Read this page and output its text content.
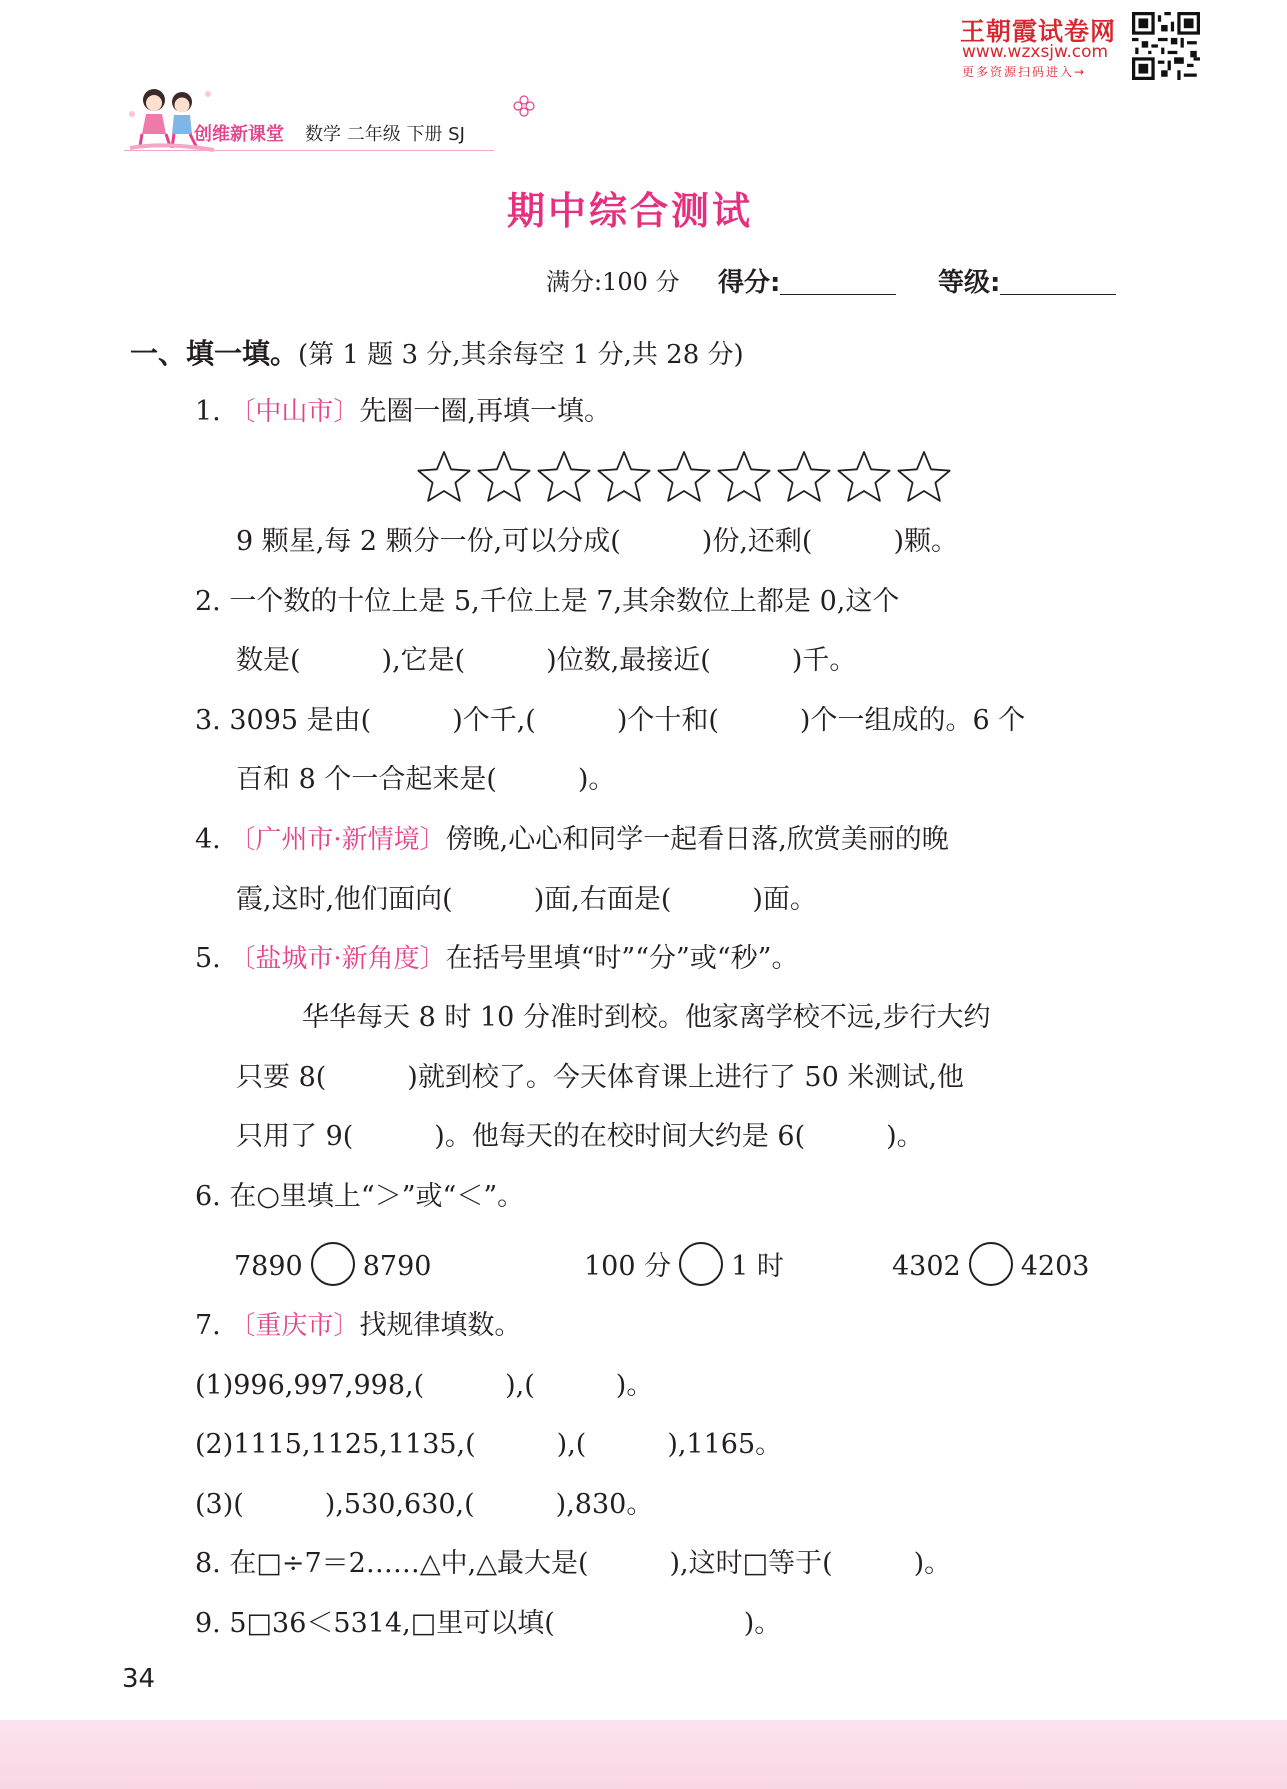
王朝霞试卷网
www.wzxsjw.com
更多资源扫码进入→
创维新课堂 数学 二年级 下册 SJ
期中综合测试
满分:100 分 得分:	等级:
一、填一填。(第 1 题 3 分,其余每空 1 分,共 28 分)
1. 〔中山市〕先圈一圈,再填一填。
9 颗星,每 2 颗分一份,可以分成(　　　)份,还剩(　　　)颗。
2. 一个数的十位上是 5,千位上是 7,其余数位上都是 0,这个
数是(　　　),它是(　　　)位数,最接近(　　　)千。
3. 3095 是由(　　　)个千,(　　　)个十和(　　　)个一组成的。6 个
百和 8 个一合起来是(　　　)。
4. 〔广州市·新情境〕傍晚,心心和同学一起看日落,欣赏美丽的晚
霞,这时,他们面向(　　　)面,右面是(　　　)面。
5. 〔盐城市·新角度〕在括号里填“时”“分”或“秒”。
华华每天 8 时 10 分准时到校。他家离学校不远,步行大约
只要 8(　　　)就到校了。今天体育课上进行了 50 米测试,他
只用了 9(　　　)。他每天的在校时间大约是 6(　　　)。
6. 在○里填上“＞”或“＜”。
7890 8790	100 分 1 时	4302 4203
7. 〔重庆市〕找规律填数。
(1)996,997,998,(　　　),(　　　)。
(2)1115,1125,1135,(　　　),(　　　),1165。
(3)(　　　),530,630,(　　　),830。
8. 在□÷7＝2……△中,△最大是(　　　),这时□等于(　　　)。
9. 5□36＜5314,□里可以填(　　　　　　　)。
34
